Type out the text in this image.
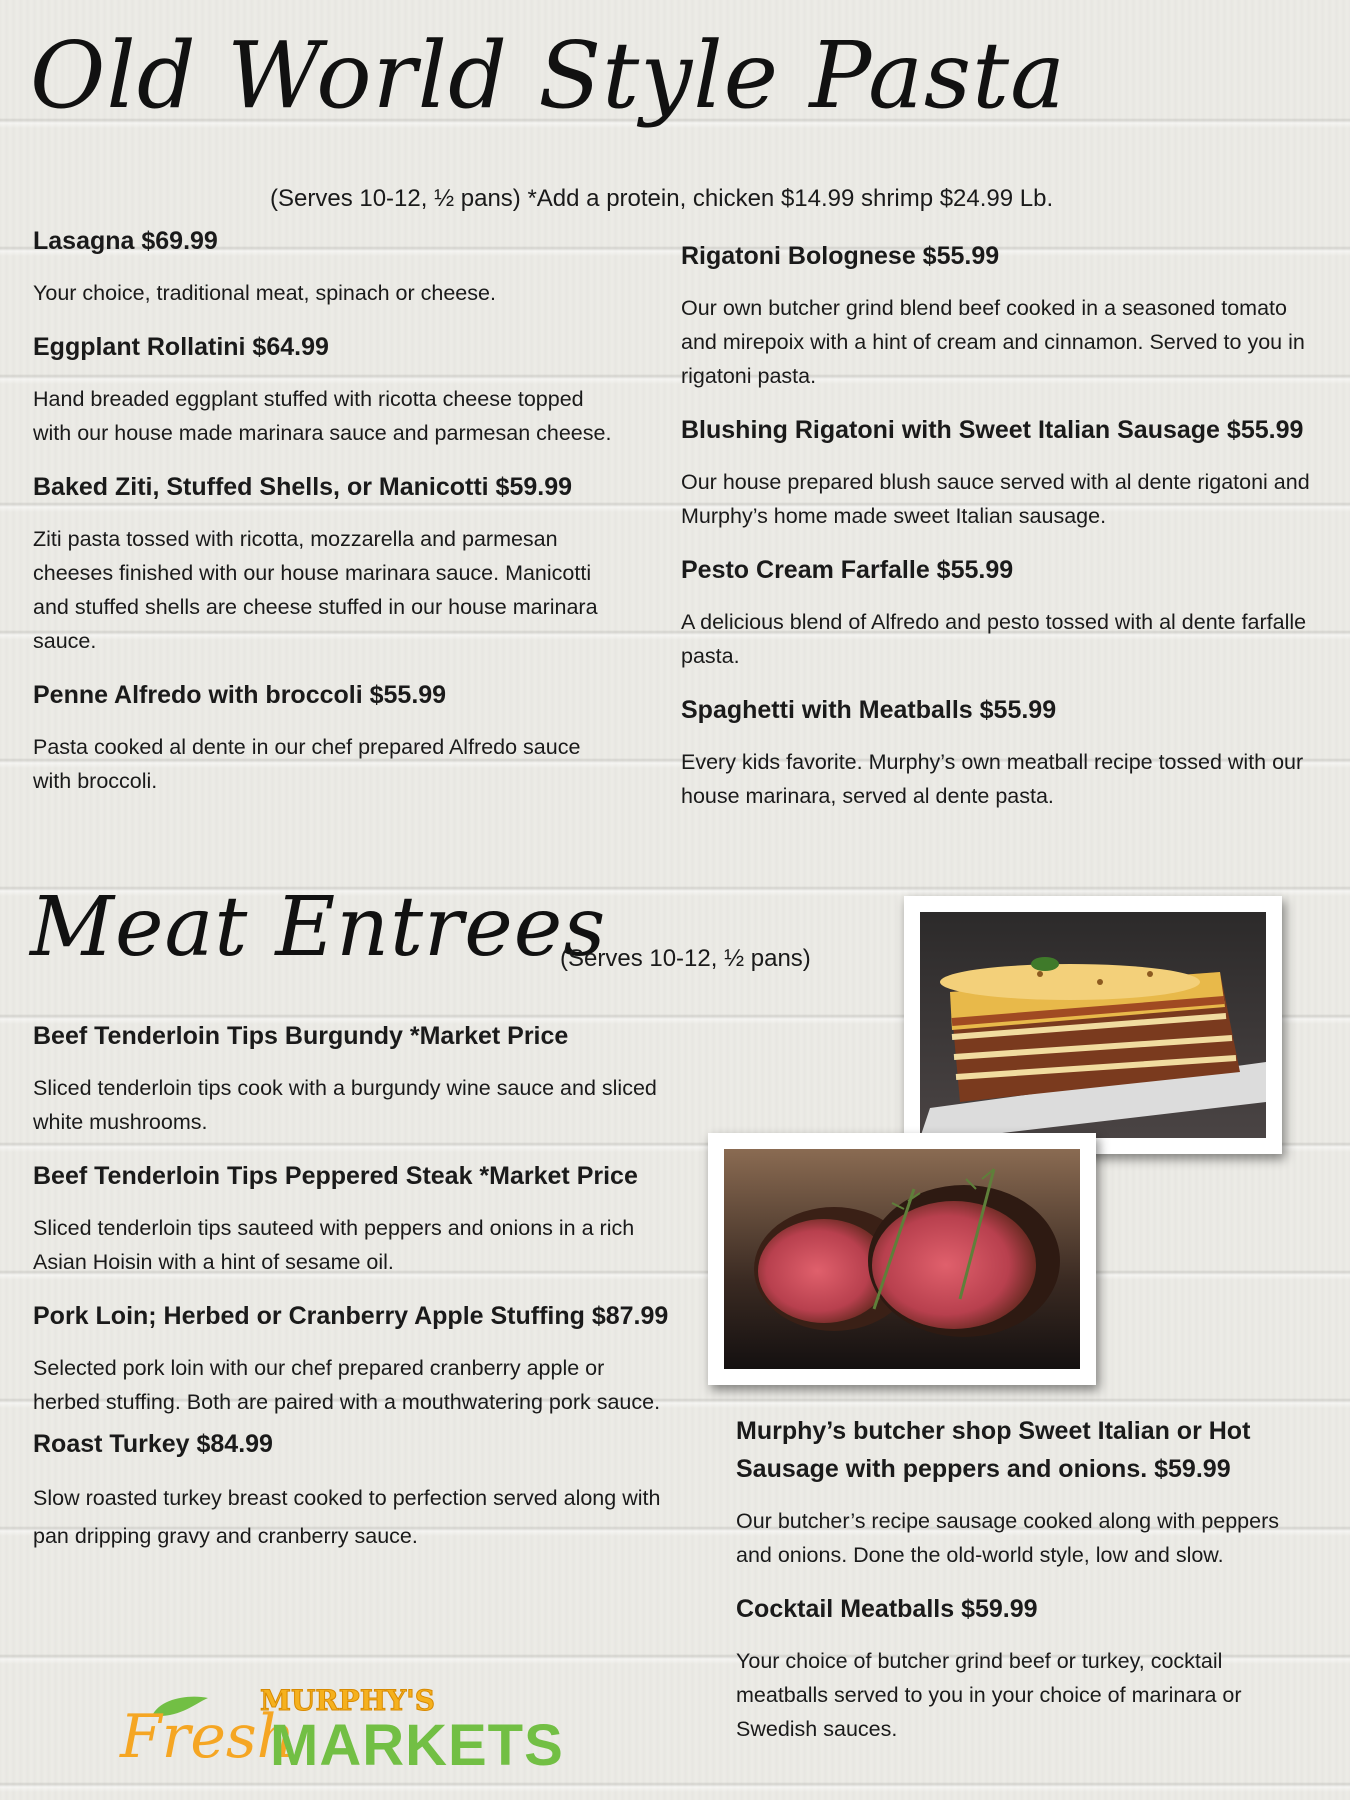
Old World Style Pasta
(Serves 10-12, ½ pans) *Add a protein, chicken $14.99 shrimp $24.99 Lb.
Lasagna $69.99
Your choice, traditional meat, spinach or cheese.
Eggplant Rollatini $64.99
Hand breaded eggplant stuffed with ricotta cheese topped with our house made marinara sauce and parmesan cheese.
Baked Ziti, Stuffed Shells, or Manicotti $59.99
Ziti pasta tossed with ricotta, mozzarella and parmesan cheeses finished with our house marinara sauce. Manicotti and stuffed shells are cheese stuffed in our house marinara sauce.
Penne Alfredo with broccoli $55.99
Pasta cooked al dente in our chef prepared Alfredo sauce with broccoli.
Rigatoni Bolognese $55.99
Our own butcher grind blend beef cooked in a seasoned tomato and mirepoix with a hint of cream and cinnamon. Served to you in rigatoni pasta.
Blushing Rigatoni with Sweet Italian Sausage $55.99
Our house prepared blush sauce served with al dente rigatoni and Murphy’s home made sweet Italian sausage.
Pesto Cream Farfalle $55.99
A delicious blend of Alfredo and pesto tossed with al dente farfalle pasta.
Spaghetti with Meatballs $55.99
Every kids favorite. Murphy’s own meatball recipe tossed with our house marinara, served al dente pasta.
Meat Entrees
(Serves 10-12, ½ pans)
Beef Tenderloin Tips Burgundy *Market Price
Sliced tenderloin tips cook with a burgundy wine sauce and sliced white mushrooms.
Beef Tenderloin Tips Peppered Steak *Market Price
Sliced tenderloin tips sauteed with peppers and onions in a rich Asian Hoisin with a hint of sesame oil.
Pork Loin; Herbed or Cranberry Apple Stuffing $87.99
Selected pork loin with our chef prepared cranberry apple or herbed stuffing. Both are paired with a mouthwatering pork sauce.
Roast Turkey $84.99
Slow roasted turkey breast cooked to perfection served along with pan dripping gravy and cranberry sauce.
Murphy’s butcher shop Sweet Italian or Hot Sausage with peppers and onions. $59.99
Our butcher’s recipe sausage cooked along with peppers and onions. Done the old-world style, low and slow.
Cocktail Meatballs $59.99
Your choice of butcher grind beef or turkey, cocktail meatballs served to you in your choice of marinara or Swedish sauces.
MURPHY'S
Fresh
MARKETS
